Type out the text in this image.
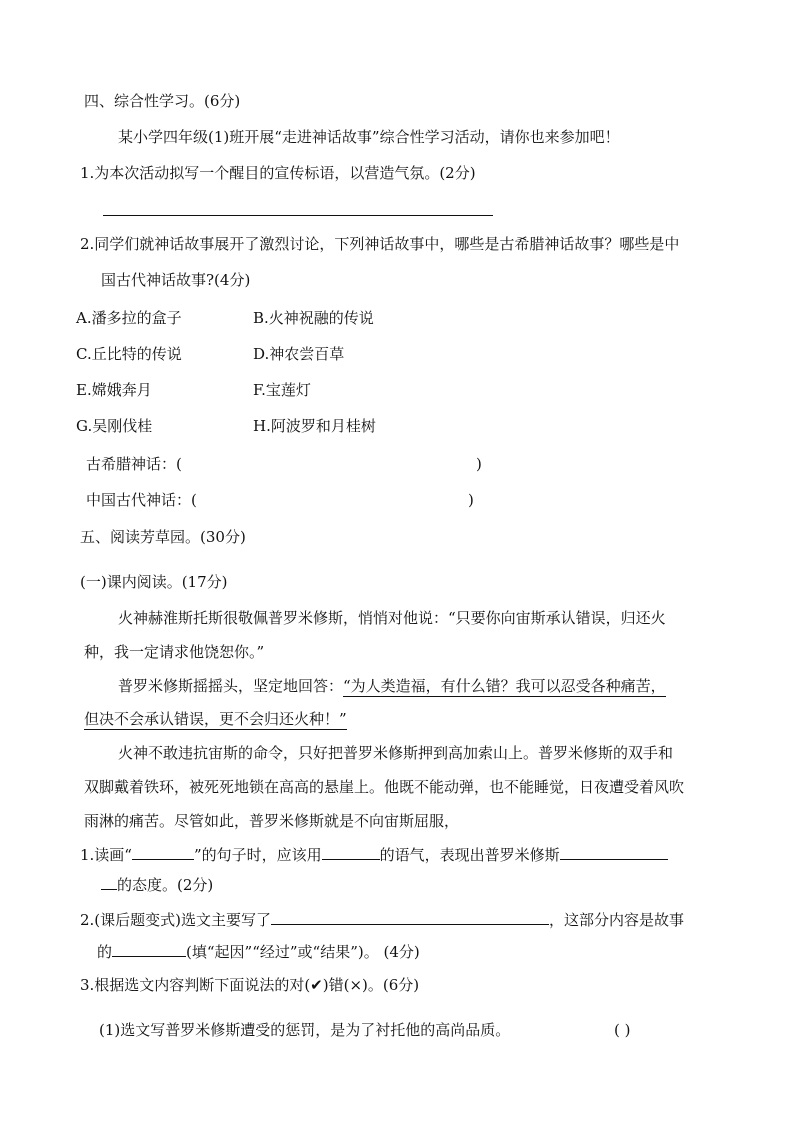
四、综合性学习。(6分)
某小学四年级(1)班开展“走进神话故事”综合性学习活动，请你也来参加吧！
1.为本次活动拟写一个醒目的宣传标语，以营造气氛。(2分)
2.同学们就神话故事展开了激烈讨论，下列神话故事中，哪些是古希腊神话故事？哪些是中
国古代神话故事?(4分)
A.潘多拉的盒子	B.火神祝融的传说
C.丘比特的传说	D.神农尝百草
E.嫦娥奔月	F.宝莲灯
G.吴刚伐桂	H.阿波罗和月桂树
古希腊神话：(	)
中国古代神话：(	)
五、阅读芳草园。(30分)
(一)课内阅读。(17分)
火神赫淮斯托斯很敬佩普罗米修斯，悄悄对他说：“只要你向宙斯承认错误，归还火
种，我一定请求他饶恕你。”
普罗米修斯摇摇头，坚定地回答：“为人类造福，有什么错？我可以忍受各种痛苦，
但决不会承认错误，更不会归还火种！”
火神不敢违抗宙斯的命令，只好把普罗米修斯押到高加索山上。普罗米修斯的双手和
双脚戴着铁环，被死死地锁在高高的悬崖上。他既不能动弹，也不能睡觉，日夜遭受着风吹
雨淋的痛苦。尽管如此，普罗米修斯就是不向宙斯屈服，
1.读画“	”的句子时，应该用	的语气，表现出普罗米修斯
的态度。(2分)
2.(课后题变式)选文主要写了	，这部分内容是故事
的	(填“起因”“经过”或“结果”)。 (4分)
3.根据选文内容判断下面说法的对(✔)错(×)。(6分)
(1)选文写普罗米修斯遭受的惩罚，是为了衬托他的高尚品质。	( )
